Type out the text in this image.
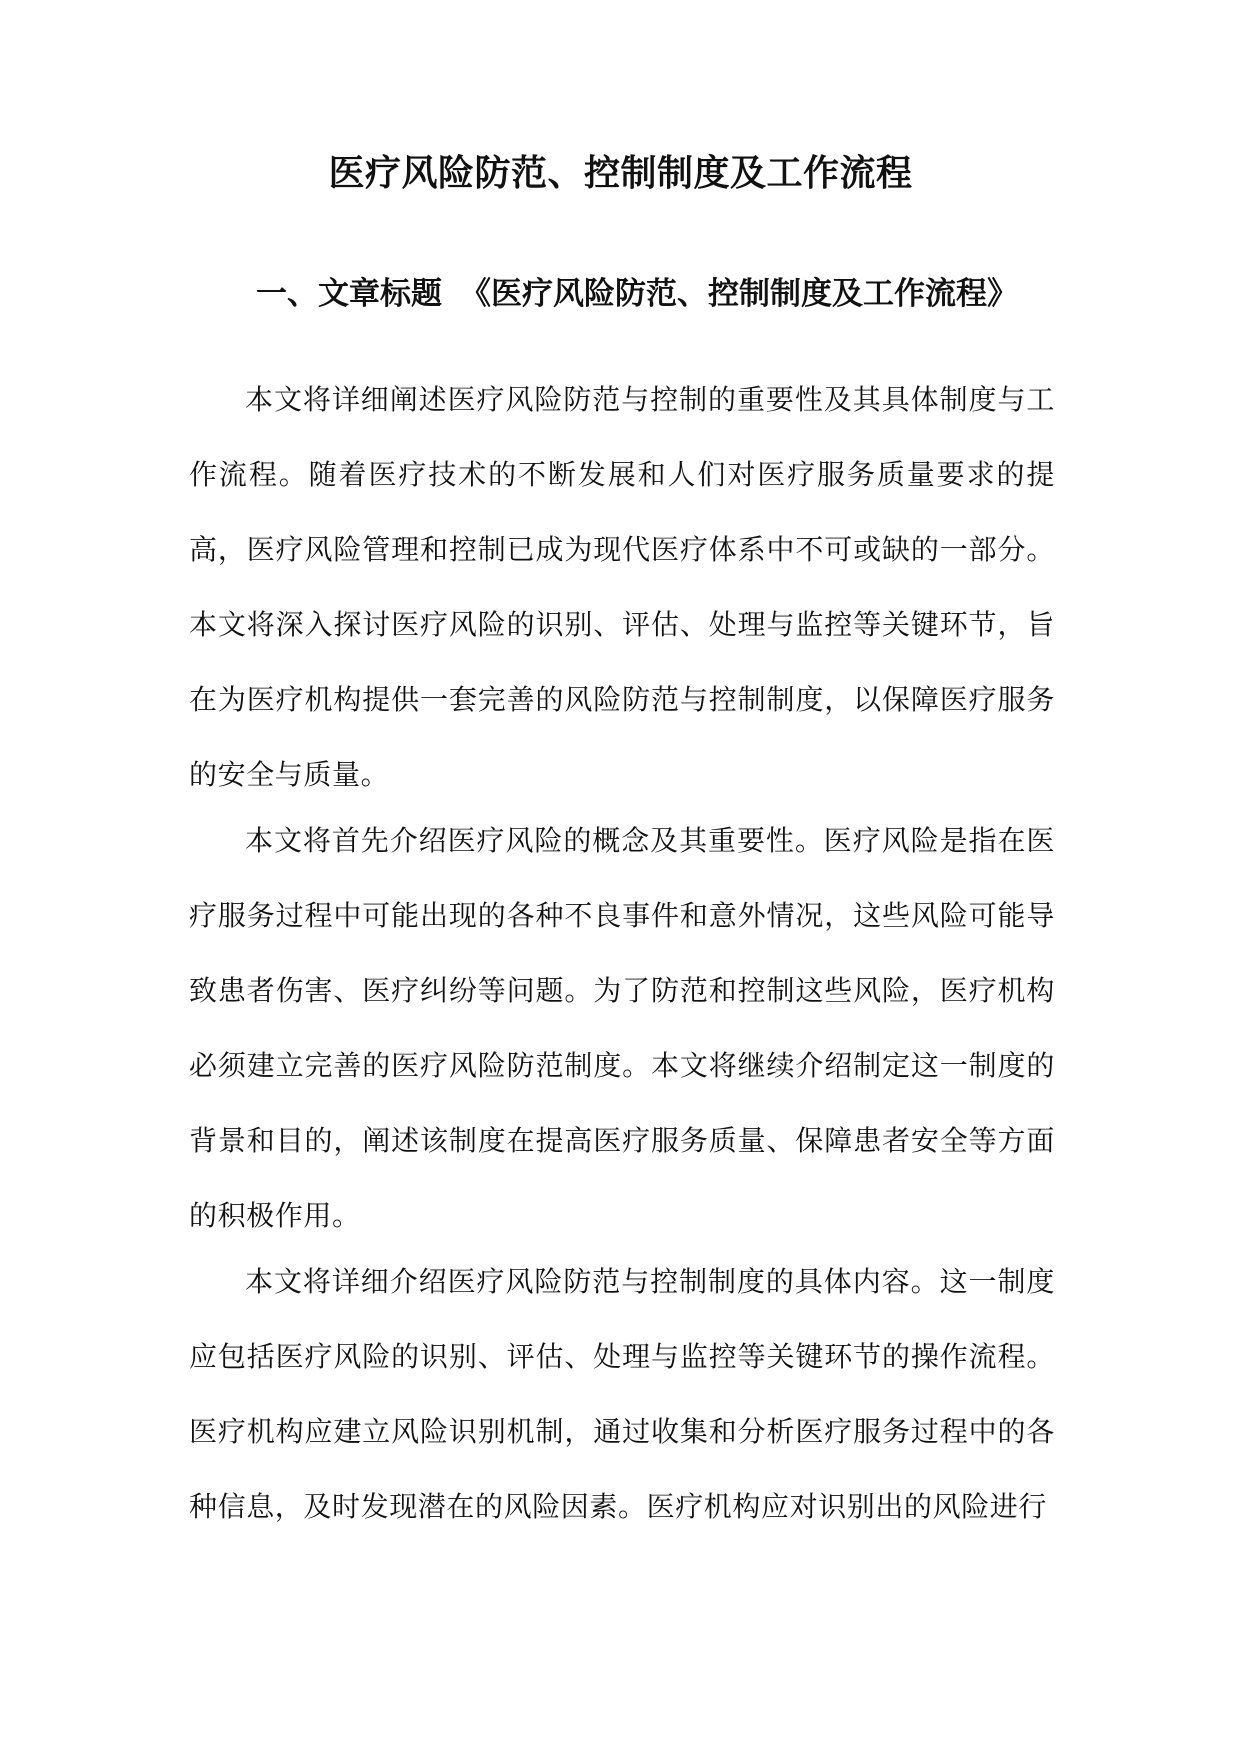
医疗风险防范、控制制度及工作流程
一、文章标题 《医疗风险防范、控制制度及工作流程》

本文将详细阐述医疗风险防范与控制的重要性及其具体制度与工作流程。随着医疗技术的不断发展和人们对医疗服务质量要求的提高，医疗风险管理和控制已成为现代医疗体系中不可或缺的一部分。本文将深入探讨医疗风险的识别、评估、处理与监控等关键环节，旨在为医疗机构提供一套完善的风险防范与控制制度，以保障医疗服务的安全与质量。

本文将首先介绍医疗风险的概念及其重要性。医疗风险是指在医疗服务过程中可能出现的各种不良事件和意外情况，这些风险可能导致患者伤害、医疗纠纷等问题。为了防范和控制这些风险，医疗机构必须建立完善的医疗风险防范制度。本文将继续介绍制定这一制度的背景和目的，阐述该制度在提高医疗服务质量、保障患者安全等方面的积极作用。

本文将详细介绍医疗风险防范与控制制度的具体内容。这一制度应包括医疗风险的识别、评估、处理与监控等关键环节的操作流程。医疗机构应建立风险识别机制，通过收集和分析医疗服务过程中的各种信息，及时发现潜在的风险因素。医疗机构应对识别出的风险进行
